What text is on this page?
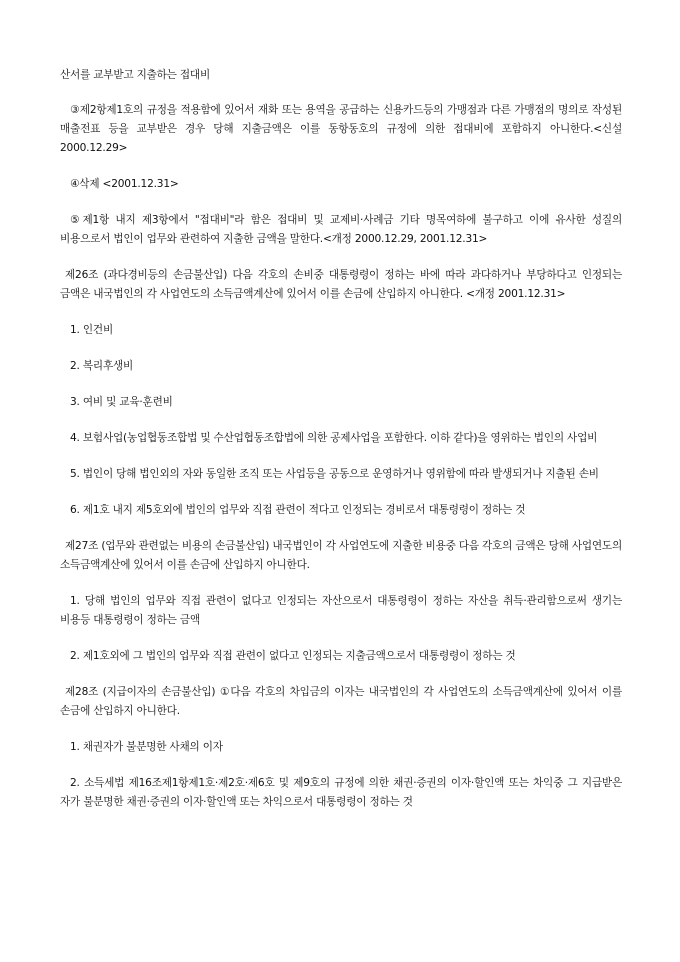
산서를 교부받고 지출하는 접대비

③제2항제1호의 규정을 적용함에 있어서 재화 또는 용역을 공급하는 신용카드등의 가맹점과 다른 가맹점의 명의로 작성된 매출전표 등을 교부받은 경우 당해 지출금액은 이를 동항동호의 규정에 의한 접대비에 포함하지 아니한다.<신설 2000.12.29>

④삭제 <2001.12.31>

⑤제1항 내지 제3항에서 "접대비"라 함은 접대비 및 교제비·사례금 기타 명목여하에 불구하고 이에 유사한 성질의 비용으로서 법인이 업무와 관련하여 지출한 금액을 말한다.<개정 2000.12.29, 2001.12.31>

제26조 (과다경비등의 손금불산입) 다음 각호의 손비중 대통령령이 정하는 바에 따라 과다하거나 부당하다고 인정되는 금액은 내국법인의 각 사업연도의 소득금액계산에 있어서 이를 손금에 산입하지 아니한다. <개정 2001.12.31>

1. 인건비

2. 복리후생비

3. 여비 및 교육·훈련비

4. 보험사업(농업협동조합법 및 수산업협동조합법에 의한 공제사업을 포함한다. 이하 같다)을 영위하는 법인의 사업비

5. 법인이 당해 법인외의 자와 동일한 조직 또는 사업등을 공동으로 운영하거나 영위함에 따라 발생되거나 지출된 손비

6. 제1호 내지 제5호외에 법인의 업무와 직접 관련이 적다고 인정되는 경비로서 대통령령이 정하는 것

제27조 (업무와 관련없는 비용의 손금불산입) 내국법인이 각 사업연도에 지출한 비용중 다음 각호의 금액은 당해 사업연도의 소득금액계산에 있어서 이를 손금에 산입하지 아니한다.

1. 당해 법인의 업무와 직접 관련이 없다고 인정되는 자산으로서 대통령령이 정하는 자산을 취득·관리함으로써 생기는 비용등 대통령령이 정하는 금액

2. 제1호외에 그 법인의 업무와 직접 관련이 없다고 인정되는 지출금액으로서 대통령령이 정하는 것

제28조 (지급이자의 손금불산입) ①다음 각호의 차입금의 이자는 내국법인의 각 사업연도의 소득금액계산에 있어서 이를 손금에 산입하지 아니한다.

1. 채권자가 불분명한 사채의 이자

2. 소득세법 제16조제1항제1호·제2호·제6호 및 제9호의 규정에 의한 채권·증권의 이자·할인액 또는 차익중 그 지급받은 자가 불분명한 채권·증권의 이자·할인액 또는 차익으로서 대통령령이 정하는 것
